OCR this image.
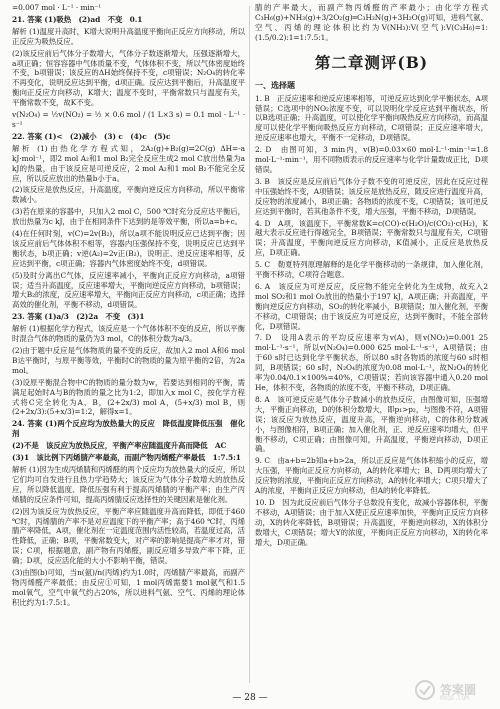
=0.007 mol · L⁻¹ · min⁻¹

21. 答案 (1)吸热　(2)ad　不变　0.1

解析 (1)温度升高时，K增大说明升高温度平衡向正反应方向移动，所以正反应为吸热反应。

(2)该反应前后气体分子数增大，气体分子数逐渐增大，压强逐渐增大，a项正确；恒容容器中气体质量不变，气体体积不变，所以气体密度始终不变，b项错误；该反应的ΔH始终保持不变，c项错误；N₂O₄的转化率不再变化，说明反应达到平衡，d项正确。反应达到平衡后，升高温度平衡向正反应方向移动，K增大；温度不变时，平衡常数只与温度有关，平衡常数不变，故K不变。

v(N₂O₄) = ½v(NO₂) = ½ × 0.6 mol / (1 L×3 s) = 0.1 mol · L⁻¹ · s⁻¹

22. 答案 (1)<　(2)减小　(3) c　(4)c　(5)c

解析 (1)由热化学方程式知，2A₂(g)+B₂(g)⇌2C(g) ΔH=-a kJ·mol⁻¹，即2 mol A₂和1 mol B₂完全反应生成2 mol C放出热量为a kJ的热量，由于该反应是可逆反应，2 mol A₂和1 mol B₂不能完全反应，所以反应放出的热量b小于a。

(2)该反应是放热反应，升高温度，平衡向逆反应方向移动，所以平衡常数减小。

(3)若在原来的容器中，只加入2 mol C，500 ℃时充分反应达平衡后，放出热量为c kJ，由于在相同条件下达到的是等效平衡，所以a=b+c。

(4)在任何时刻，v(C)=2v(B₂)，所以a项不能说明反应已达到平衡；因该反应前后气体体积不相等，容器内压强保持不变，说明反应已达到平衡状态，b项正确；v逆(A₂)=2v正(B₂)，说明正、逆反应速率相等，反应达到平衡，c项正确；容器内气体密度始终不变，d项错误。

(5)及时分离出C气体，反应速率减小，平衡向正反应方向移动，a项错误；适当升高温度，反应速率增大，平衡向逆反应方向移动，b项错误；增大B₂的浓度，反应速率增大，平衡向正反应方向移动，c项正确；选择高效的催化剂，平衡不移动，d项错误。

23. 答案 (1)a/3　(2)2a　不变　(3)1

解析 (1)根据化学方程式，该反应是一个气体体积不变的反应，所以平衡时混合气体的物质的量仍为3 mol，C的体积分数为a/3。

(2)由于题中反应是气体物质的量不变的反应，故加入2 mol A和6 mol B达平衡时，与原平衡等效，平衡时C的物质的量为原平衡的2倍，为2a mol。

(3)设原平衡混合物中C的物质的量分数为w，若要达到相同的平衡，需满足起始时A与B的物质的量之比为1:2，即加入x mol C，按化学方程式将C完全转化为A、B，(2+2x/3) mol A，(5+x/3) mol B，则(2+2x/3):(5+x/3)=1:2，解得x=1。

24. 答案 (1)两个反应均为放热量大的反应　降低温度降低压强　催化剂

(2)不是　该反应为放热反应，平衡产率应随温度升高而降低　AC

(3)1　该比例下丙烯腈产率最高，而副产物丙烯醛产率最低　1:7.5:1

解析 (1)因为生成丙烯腈和丙烯醛的两个反应均为放热量大的反应，所以它们均可自发进行且热力学趋势大；该反应为气体分子数增大的放热反应，所以降低温度、降低压强有利于提高丙烯腈的平衡产率；由生产丙烯腈的反应条件可知，提高丙烯腈反应选择性的关键因素是催化剂。

(2)因为该反应为放热反应，平衡产率应随温度升高而降低，即低于460 ℃时，丙烯腈的产率不是对应温度下的平衡产率；高于460 ℃时，丙烯腈产率降低，A项，催化剂在一定温度范围内活性较高，若温度过高，活性降低，正确；B项，平衡常数变大，对产率的影响是提高产率才对，错误；C项，根据题意，副产物有丙烯醛，副反应增多导致产率下降，正确；D项，反应活化能的大小不影响平衡，错误。

(3)由图(b)可知，当n(氨)/n(丙烯)约为1.0时，丙烯腈产率最高，而副产物丙烯醛产率最低；由反应①可知，1 mol丙烯需要1 mol氨气和1.5 mol氧气，空气中氧气约占20%，所以进料气氨、空气、丙烯的理论体积比约为1:7.5:1。

腈的产率最大，而副产物丙烯醛的产率最小；由化学方程式C₃H₆(g)+NH₃(g)+3/2O₂(g)═C₃H₃N(g)+3H₂O(g)可知，进料气氨、空气、丙烯的理论体积比约为V(NH₃):V(空气):V(C₃H₆)=1:(1.5/0.2):1=1:7.5:1。

第二章测评(B)
一、选择题

1. B　正反应速率和逆反应速率相等，可逆反应达到化学平衡状态，A项错误；C选项中的NO₂浓度不变，可以说明化学反应达到平衡状态，所以B选项正确；升高温度，可以使化学平衡向吸热反应方向移动，而高温度可以使化学平衡向吸热反应方向移动，C项错误；正反应速率增大，逆反应速率也增大，平衡不一定移动，D项错误。

2. D　由图可知，3 min内，v(B)=0.03×60 mol·L⁻¹·min⁻¹=1.8 mol·L⁻¹·min⁻¹，用不同物质表示的反应速率与化学计量数成正比，D项错误。

3. B　该反应是反应前后气体分子数不变的可逆反应，因此在反应过程中压强始终不变，A项错误；该反应是放热反应，随反应进行温度升高，反应物的浓度减小，B项正确；各物质的浓度不变，C项错误；该可逆反应达到平衡时，若其他条件不变，增大压强，平衡不移动，D项错误。

4. D　A项，该温度下，平衡常数K=c(CO)·c(H₂O)/c(CO₂)·c(H₂)，K越大表示反应进行得越完全，B项错误；平衡常数只与温度有关，C项错误；升高温度，平衡向逆反应方向移动，K值减小，正反应是放热反应，D项正确。

5. C　勒夏特列原理解释的是化学平衡移动的一条规律，加入催化剂，平衡不移动，C项符合题意。

6. A　该反应为可逆反应，反应物不能完全转化为生成物，故充入2 mol SO₂和1 mol O₂放出的热量小于197 kJ，A项正确；升高温度，平衡向逆反应方向移动，SO₂的转化率减小，B项错误；加入催化剂，平衡不移动，C项错误；由于该反应为可逆反应，达到平衡时，不能全部转化，D项错误。

7. D　设用A表示的平均反应速率为v(A)，则v(NO₂)=0.001 25 mol·L⁻¹·s⁻¹，所以v(N₂O₄)=0.000 625 mol·L⁻¹·s⁻¹，A项错误；由于60 s时已达到化学平衡状态，所以80 s时各物质的浓度与60 s时相同，B项错误；60 s时，N₂O₄的浓度为0.08 mol·L⁻¹，故N₂O₄的转化率为0.04/0.1×100%=40%，C项错误；若向该容器中通入0.20 mol He，体积不变，各物质的浓度不变，平衡不移动，D项正确。

8. A　该可逆反应是气体分子数减小的放热反应，由图像可知，压强增大，平衡正向移动，D的体积分数增大，即p₁>p₂，与图像不符，A项错误；该反应为放热反应，温度升高，平衡逆向移动，C的体积分数减小，与图像相符，B项正确；加入催化剂，正、逆反应速率均增大，但平衡不移动，C项正确；由图像可知，升高温度，平衡逆向移动，D项正确。

9. C　由a+b=2b知a+b>2a，所以正反应是气体体积缩小的反应，增大压强，平衡向正反应方向移动，A的转化率增大；B、D两项均增大了反应物的浓度，平衡向正反应方向移动，A的转化率增大；C项只增大了A的浓度，平衡向正反应方向移动，但A的转化率降低。

10. D　因为此反应前后气体分子总数没有变化，故减小容器体积，平衡不移动，A项错误；由于加入X使正反应速率加快，平衡向正反应方向移动，X的转化率降低，B项错误；升高温度，平衡逆向移动，X的体积分数增大，C项错误；增大Y的浓度，平衡向正反应方向移动，X的转化率增大，D项正确。

— 28 —
答案圈
MXQE.COM
